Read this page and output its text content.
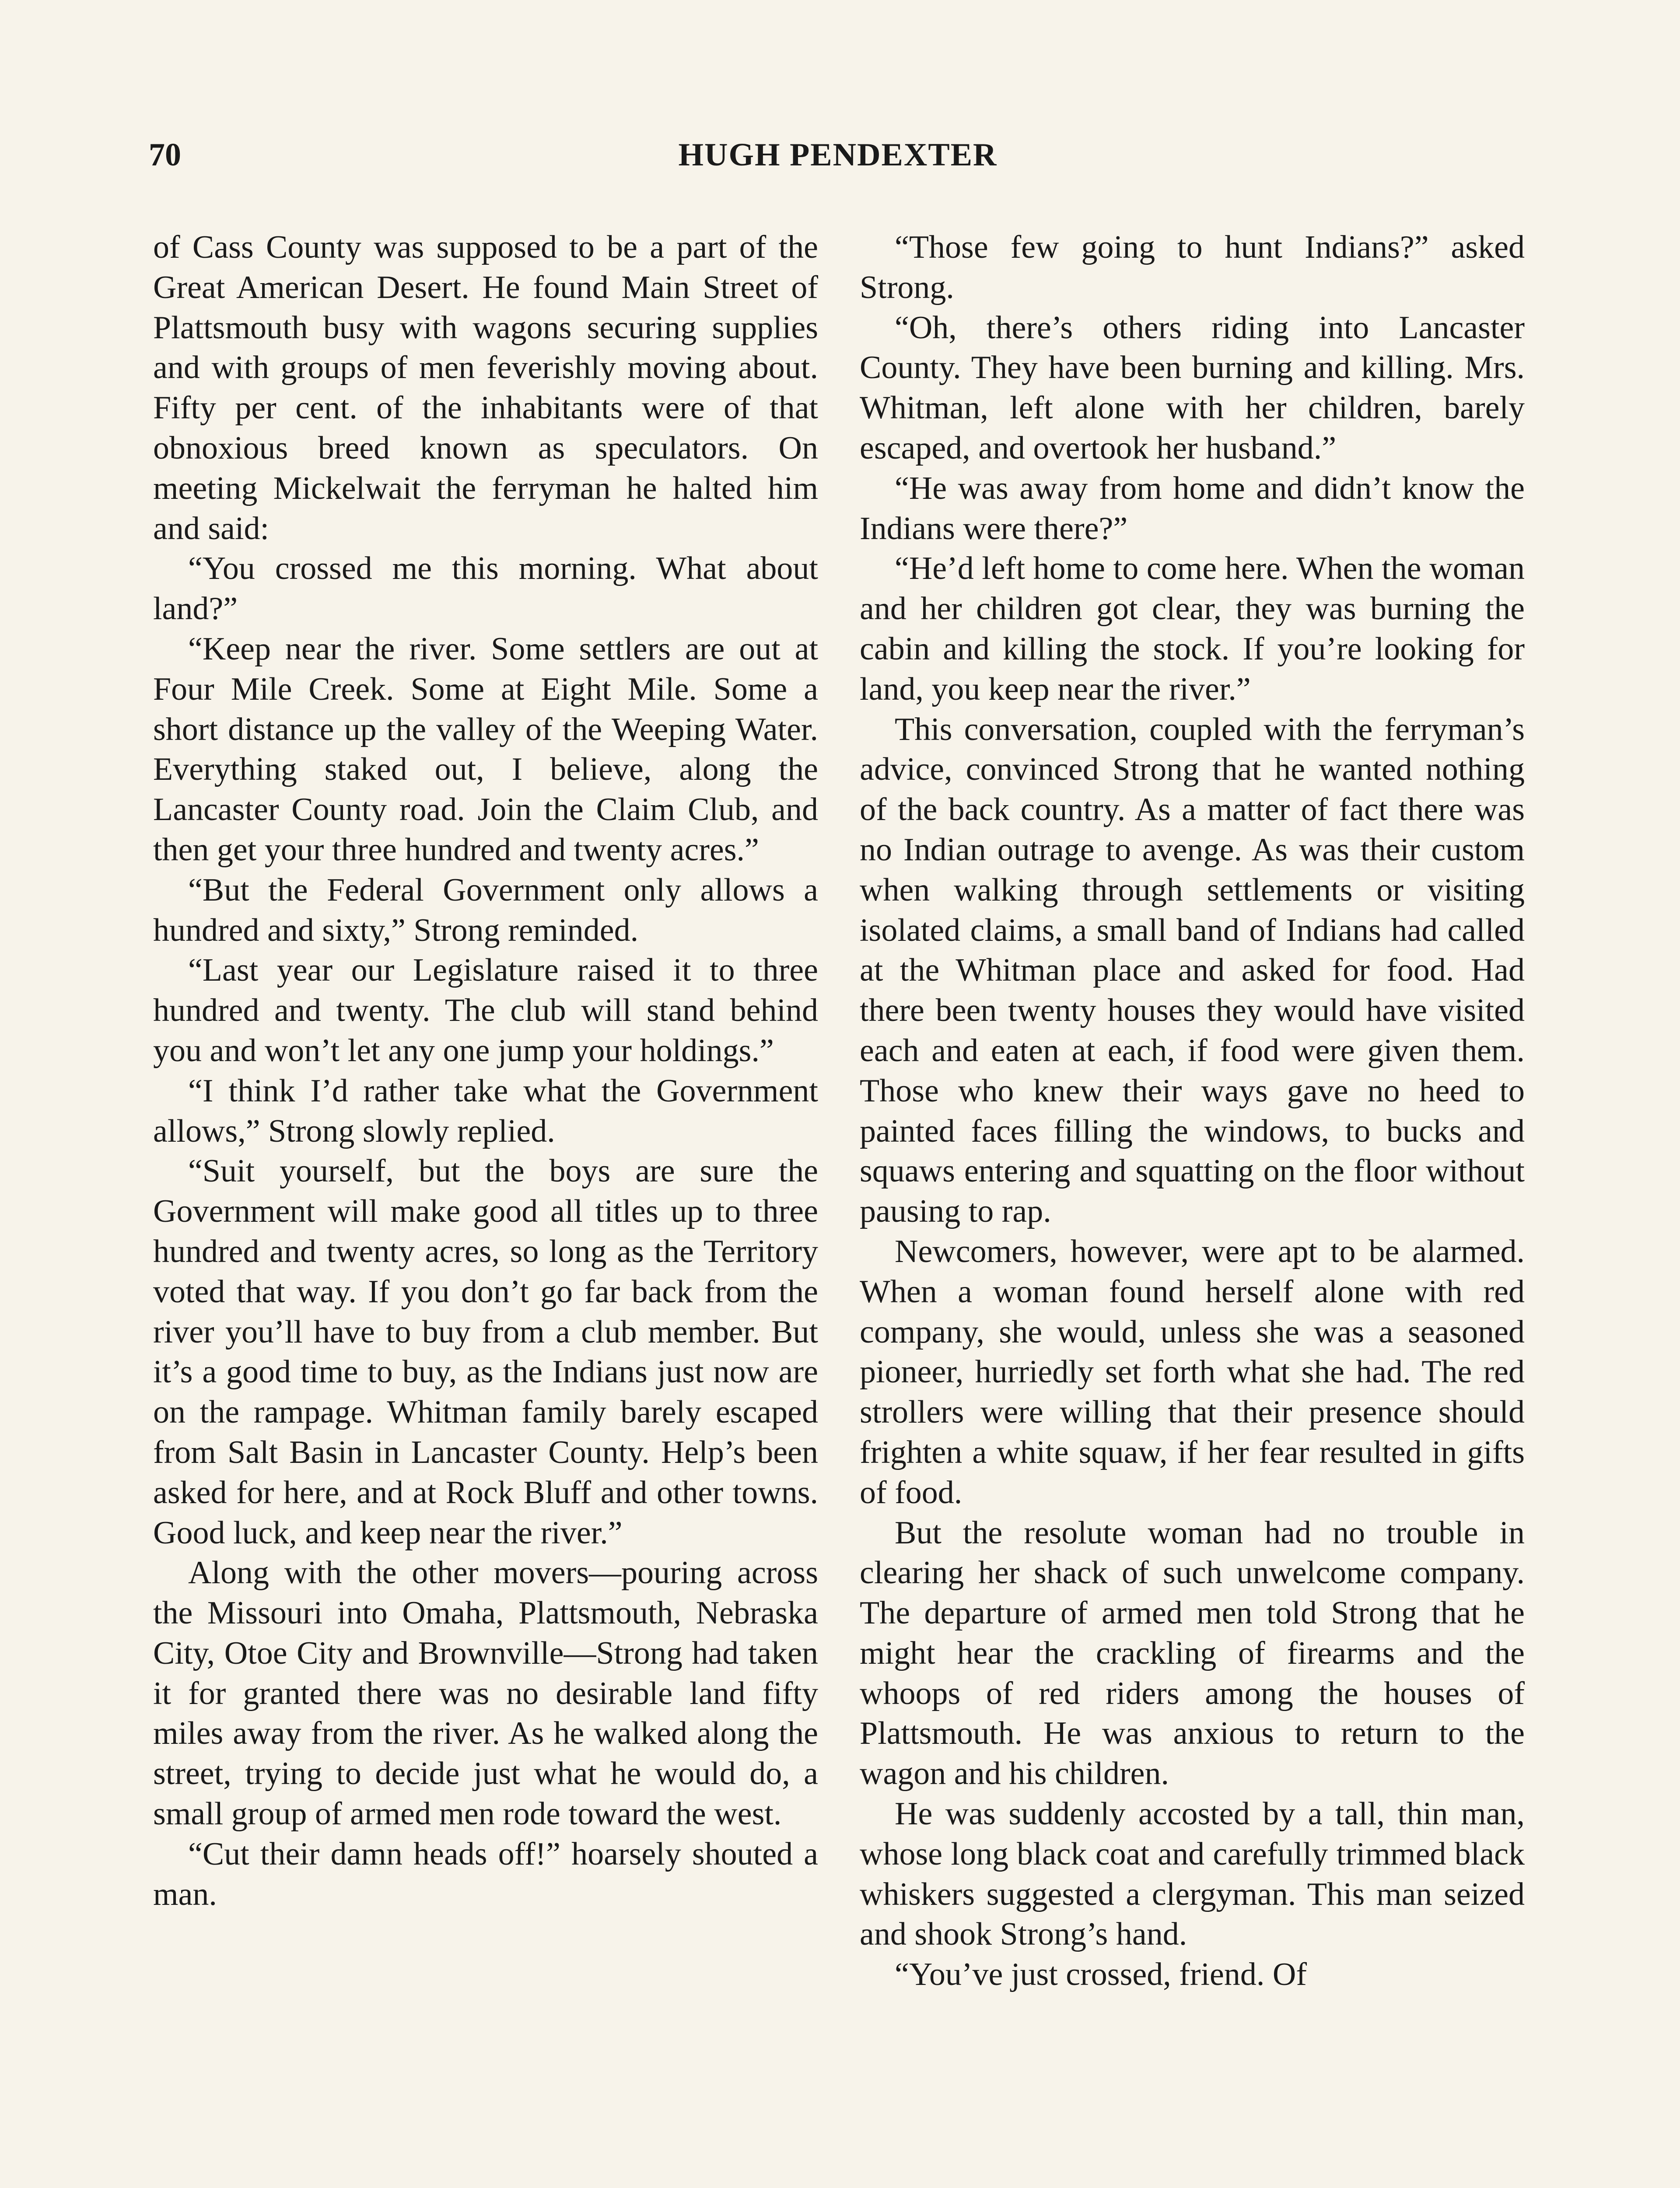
70	HUGH PENDEXTER

of Cass County was supposed to be a part of the Great American Desert. He found Main Street of Plattsmouth busy with wagons securing supplies and with groups of men feverishly moving about. Fifty per cent. of the inhabitants were of that obnoxious breed known as speculators. On meeting Mickelwait the ferryman he halted him and said:

“You crossed me this morning. What about land?”

“Keep near the river. Some settlers are out at Four Mile Creek. Some at Eight Mile. Some a short distance up the valley of the Weeping Water. Everything staked out, I believe, along the Lancaster County road. Join the Claim Club, and then get your three hundred and twenty acres.”

“But the Federal Government only allows a hundred and sixty,” Strong reminded.

“Last year our Legislature raised it to three hundred and twenty. The club will stand behind you and won’t let any one jump your holdings.”

“I think I’d rather take what the Government allows,” Strong slowly replied.

“Suit yourself, but the boys are sure the Government will make good all titles up to three hundred and twenty acres, so long as the Territory voted that way. If you don’t go far back from the river you’ll have to buy from a club member. But it’s a good time to buy, as the Indians just now are on the rampage. Whitman family barely escaped from Salt Basin in Lancaster County. Help’s been asked for here, and at Rock Bluff and other towns. Good luck, and keep near the river.”

Along with the other movers—pouring across the Missouri into Omaha, Plattsmouth, Nebraska City, Otoe City and Brownville—Strong had taken it for granted there was no desirable land fifty miles away from the river. As he walked along the street, trying to decide just what he would do, a small group of armed men rode toward the west.

“Cut their damn heads off!” hoarsely shouted a man.

“Those few going to hunt Indians?” asked Strong.

“Oh, there’s others riding into Lancaster County. They have been burning and killing. Mrs. Whitman, left alone with her children, barely escaped, and overtook her husband.”

“He was away from home and didn’t know the Indians were there?”

“He’d left home to come here. When the woman and her children got clear, they was burning the cabin and killing the stock. If you’re looking for land, you keep near the river.”

This conversation, coupled with the ferryman’s advice, convinced Strong that he wanted nothing of the back country. As a matter of fact there was no Indian outrage to avenge. As was their custom when walking through settlements or visiting isolated claims, a small band of Indians had called at the Whitman place and asked for food. Had there been twenty houses they would have visited each and eaten at each, if food were given them. Those who knew their ways gave no heed to painted faces filling the windows, to bucks and squaws entering and squatting on the floor without pausing to rap.

Newcomers, however, were apt to be alarmed. When a woman found herself alone with red company, she would, unless she was a seasoned pioneer, hurriedly set forth what she had. The red strollers were willing that their presence should frighten a white squaw, if her fear resulted in gifts of food.

But the resolute woman had no trouble in clearing her shack of such unwelcome company. The departure of armed men told Strong that he might hear the crackling of firearms and the whoops of red riders among the houses of Plattsmouth. He was anxious to return to the wagon and his children.

He was suddenly accosted by a tall, thin man, whose long black coat and carefully trimmed black whiskers suggested a clergyman. This man seized and shook Strong’s hand.

“You’ve just crossed, friend. Of
